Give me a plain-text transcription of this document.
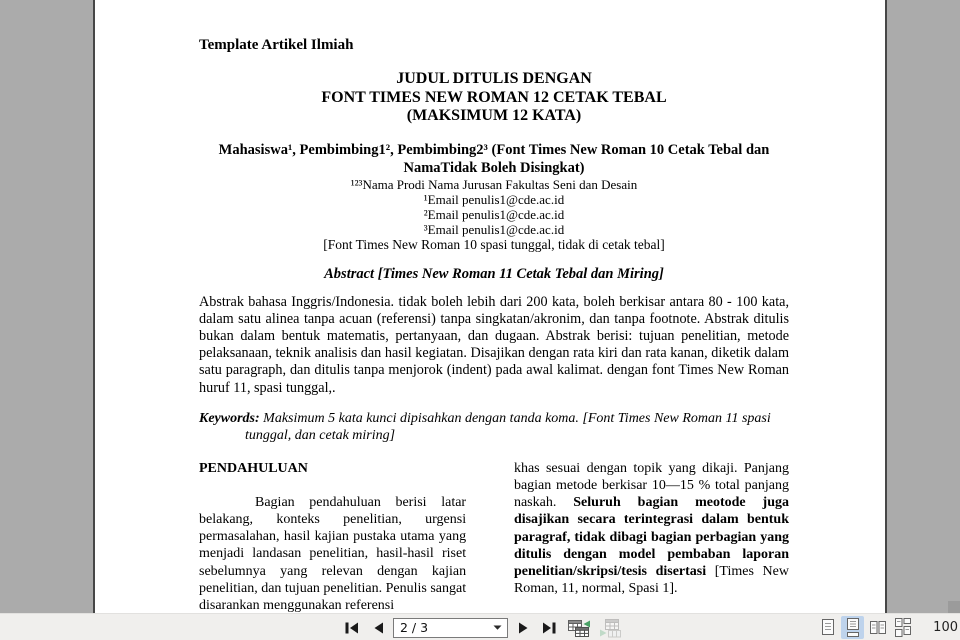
Template Artikel Ilmiah
JUDUL DITULIS DENGAN
FONT TIMES NEW ROMAN 12 CETAK TEBAL
(MAKSIMUM 12 KATA)
Mahasiswa¹, Pembimbing1², Pembimbing2³ (Font Times New Roman 10 Cetak Tebal dan
NamaTidak Boleh Disingkat)
¹²³Nama Prodi Nama Jurusan Fakultas Seni dan Desain
¹Email penulis1@cde.ac.id
²Email penulis1@cde.ac.id
³Email penulis1@cde.ac.id
[Font Times New Roman 10 spasi tunggal, tidak di cetak tebal]
Abstract [Times New Roman 11 Cetak Tebal dan Miring]

Abstrak bahasa Inggris/Indonesia. tidak boleh lebih dari 200 kata, boleh berkisar antara 80 - 100 kata, dalam satu alinea tanpa acuan (referensi) tanpa singkatan/akronim, dan tanpa footnote. Abstrak ditulis bukan dalam bentuk matematis, pertanyaan, dan dugaan. Abstrak berisi: tujuan penelitian, metode pelaksanaan, teknik analisis dan hasil kegiatan. Disajikan dengan rata kiri dan rata kanan, diketik dalam satu paragraph, dan ditulis tanpa menjorok (indent) pada awal kalimat. dengan font Times New Roman huruf 11, spasi tunggal,.

Keywords: Maksimum 5 kata kunci dipisahkan dengan tanda koma. [Font Times New Roman 11 spasi tunggal, dan cetak miring]
PENDAHULUAN

Bagian pendahuluan berisi latar belakang, konteks penelitian, urgensi permasalahan, hasil kajian pustaka utama yang menjadi landasan penelitian, hasil-hasil riset sebelumnya yang relevan dengan kajian penelitian, dan tujuan penelitian. Penulis sangat disarankan menggunakan referensi

khas sesuai dengan topik yang dikaji. Panjang bagian metode berkisar 10—15 % total panjang naskah. Seluruh bagian meotode juga disajikan secara terintegrasi dalam bentuk paragraf, tidak dibagi bagian perbagian yang ditulis dengan model pembaban laporan penelitian/skripsi/tesis disertasi [Times New Roman, 11, normal, Spasi 1].

2 / 3	100
